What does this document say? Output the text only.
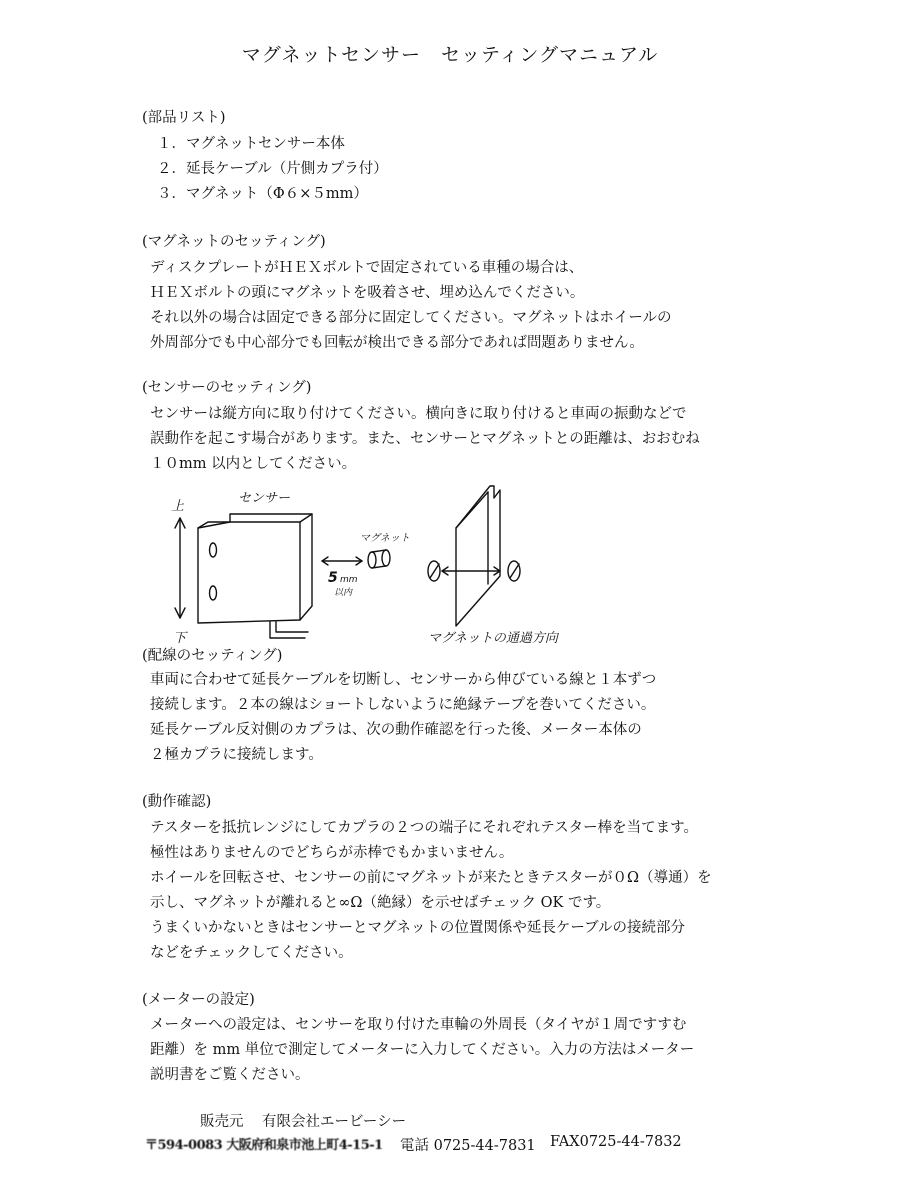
マグネットセンサー　セッティングマニュアル
(部品リスト)
１．マグネットセンサー本体
２．延長ケーブル（片側カプラ付）
３．マグネット（Φ６×５mm）
(マグネットのセッティング)
ディスクプレートがＨＥＸボルトで固定されている車種の場合は、
ＨＥＸボルトの頭にマグネットを吸着させ、埋め込んでください。
それ以外の場合は固定できる部分に固定してください。マグネットはホイールの
外周部分でも中心部分でも回転が検出できる部分であれば問題ありません。
(センサーのセッティング)
センサーは縦方向に取り付けてください。横向きに取り付けると車両の振動などで
誤動作を起こす場合があります。また、センサーとマグネットとの距離は、おおむね
１０mm 以内としてください。
上
下
センサー
マグネット
5 mm
以内
マグネットの通過方向
(配線のセッティング)
車両に合わせて延長ケーブルを切断し、センサーから伸びている線と１本ずつ
接続します。２本の線はショートしないように絶縁テープを巻いてください。
延長ケーブル反対側のカプラは、次の動作確認を行った後、メーター本体の
２極カプラに接続します。
(動作確認)
テスターを抵抗レンジにしてカプラの２つの端子にそれぞれテスター棒を当てます。
極性はありませんのでどちらが赤棒でもかまいません。
ホイールを回転させ、センサーの前にマグネットが来たときテスターが０Ω（導通）を
示し、マグネットが離れると∞Ω（絶縁）を示せばチェック OK です。
うまくいかないときはセンサーとマグネットの位置関係や延長ケーブルの接続部分
などをチェックしてください。
(メーターの設定)
メーターへの設定は、センサーを取り付けた車輪の外周長（タイヤが１周ですすむ
距離）を mm 単位で測定してメーターに入力してください。入力の方法はメーター
説明書をご覧ください。
販売元 有限会社エービーシー
〒594-0083 大阪府和泉市池上町4-15-1 電話 0725-44-7831 FAX0725-44-7832
